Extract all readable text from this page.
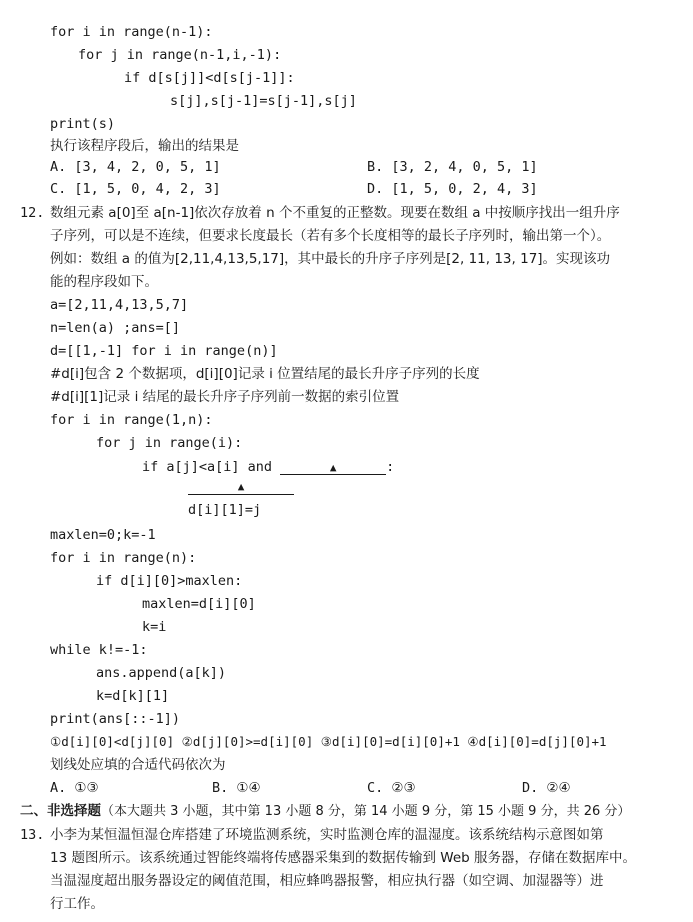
for i in range(n-1):
for j in range(n-1,i,-1):
if d[s[j]]<d[s[j-1]]:
s[j],s[j-1]=s[j-1],s[j]
print(s)
执行该程序段后，输出的结果是
A. [3, 4, 2, 0, 5, 1]	B. [3, 2, 4, 0, 5, 1]
C. [1, 5, 0, 4, 2, 3]	D. [1, 5, 0, 2, 4, 3]
12. 数组元素 a[0]至 a[n-1]依次存放着 n 个不重复的正整数。现要在数组 a 中按顺序找出一组升序
子序列，可以是不连续，但要求长度最长（若有多个长度相等的最长子序列时，输出第一个）。
例如：数组 a 的值为[2,11,4,13,5,17]，其中最长的升序子序列是[2, 11, 13, 17]。实现该功
能的程序段如下。
a=[2,11,4,13,5,7]
n=len(a) ;ans=[]
d=[[1,-1] for i in range(n)]
#d[i]包含 2 个数据项，d[i][0]记录 i 位置结尾的最长升序子序列的长度
#d[i][1]记录 i 结尾的最长升序子序列前一数据的索引位置
for i in range(1,n):
for j in range(i):
if a[j]<a[i] and	▲	:
▲
d[i][1]=j
maxlen=0;k=-1
for i in range(n):
if d[i][0]>maxlen:
maxlen=d[i][0]
k=i
while k!=-1:
ans.append(a[k])
k=d[k][1]
print(ans[::-1])
①d[i][0]<d[j][0] ②d[j][0]>=d[i][0] ③d[i][0]=d[i][0]+1 ④d[i][0]=d[j][0]+1
划线处应填的合适代码依次为
A. ①③	B. ①④	C. ②③	D. ②④
二、非选择题（本大题共 3 小题，其中第 13 小题 8 分，第 14 小题 9 分，第 15 小题 9 分，共 26 分）
13. 小李为某恒温恒湿仓库搭建了环境监测系统，实时监测仓库的温湿度。该系统结构示意图如第
13 题图所示。该系统通过智能终端将传感器采集到的数据传输到 Web 服务器，存储在数据库中。
当温湿度超出服务器设定的阈值范围，相应蜂鸣器报警，相应执行器（如空调、加湿器等）进
行工作。
